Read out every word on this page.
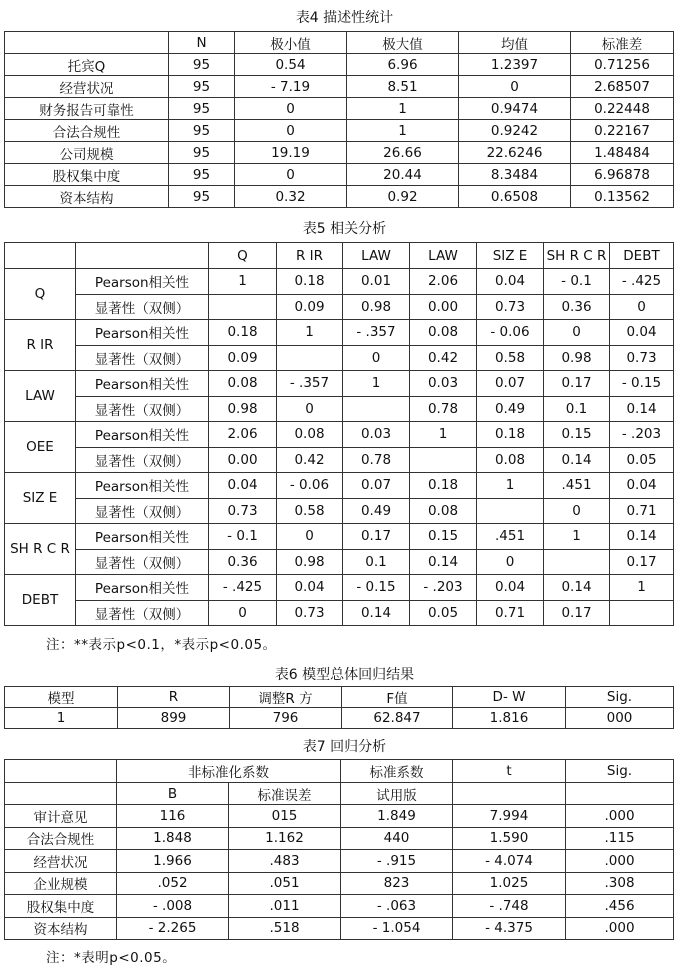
表4 描述性统计
	N	极小值	极大值	均值	标准差
托宾Q	95	0.54	6.96	1.2397	0.71256
经营状况	95	- 7.19	8.51	0	2.68507
财务报告可靠性	95	0	1	0.9474	0.22448
合法合规性	95	0	1	0.9242	0.22167
公司规模	95	19.19	26.66	22.6246	1.48484
股权集中度	95	0	20.44	8.3484	6.96878
资本结构	95	0.32	0.92	0.6508	0.13562
表5 相关分析
		Q	R IR	LAW	LAW	SIZ E	SH R C R	DEBT
Q	Pearson相关性	1	0.18	0.01	2.06	0.04	- 0.1	- .425
	显著性（双侧）		0.09	0.98	0.00	0.73	0.36	0
R IR	Pearson相关性	0.18	1	- .357	0.08	- 0.06	0	0.04
	显著性（双侧）	0.09		0	0.42	0.58	0.98	0.73
LAW	Pearson相关性	0.08	- .357	1	0.03	0.07	0.17	- 0.15
	显著性（双侧）	0.98	0		0.78	0.49	0.1	0.14
OEE	Pearson相关性	2.06	0.08	0.03	1	0.18	0.15	- .203
	显著性（双侧）	0.00	0.42	0.78		0.08	0.14	0.05
SIZ E	Pearson相关性	0.04	- 0.06	0.07	0.18	1	.451	0.04
	显著性（双侧）	0.73	0.58	0.49	0.08		0	0.71
SH R C R	Pearson相关性	- 0.1	0	0.17	0.15	.451	1	0.14
	显著性（双侧）	0.36	0.98	0.1	0.14	0		0.17
DEBT	Pearson相关性	- .425	0.04	- 0.15	- .203	0.04	0.14	1
	显著性（双侧）	0	0.73	0.14	0.05	0.71	0.17	
注：**表示p<0.1，*表示p<0.05。
表6 模型总体回归结果
模型	R	调整R 方	F值	D- W	Sig.
1	899	796	62.847	1.816	000
表7 回归分析
	非标准化系数		标准系数	t	Sig.
	B	标准误差	试用版		
审计意见	116	015	1.849	7.994	.000
合法合规性	1.848	1.162	440	1.590	.115
经营状况	1.966	.483	- .915	- 4.074	.000
企业规模	.052	.051	823	1.025	.308
股权集中度	- .008	.011	- .063	- .748	.456
资本结构	- 2.265	.518	- 1.054	- 4.375	.000
注：*表明p<0.05。
